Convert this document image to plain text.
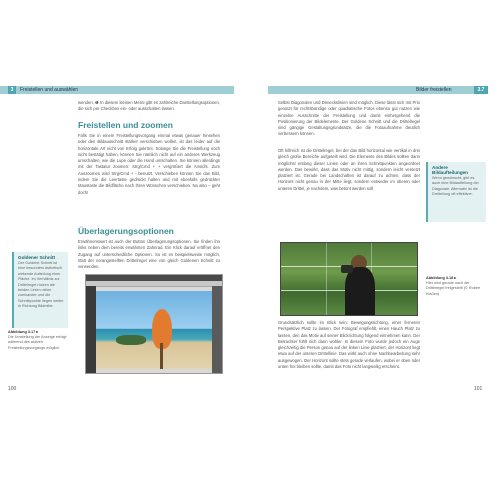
3	Freistellen und auswählen
wenden. ❶ In diesem kleinen Menü gibt es zahlreiche Darstellungsoptionen, die sich per Checkbox ein- oder ausschalten lassen.
Freistellen und zoomen
Falls Sie in einem Freistellungsvorgang einmal etwas genauer hinsehen oder den Bildausschnitt stärker verschieben wollen, ist das leider auf die horizontale Art nicht von Erfolg gekrönt. Solange Sie die Freistellung noch nicht bestätigt haben, können Sie nämlich nicht auf ein anderes Werkzeug umschalten, wie die Lupe oder die Hand umschalten. Sie können allerdings mit der Tastatur zoomen: Strg/Cmd + + vergrößert die Ansicht. Zum Auszoomen wird Strg/Cmd + - benutzt. Verschieben können Sie das Bild, indem Sie die Leertaste gedrückt halten und mit ebenfalls gedrückter Maustaste die Bildfläche nach Ihren Wünschen verschieben. Na also – geht doch!
Überlagerungsoptionen
Erwähnenswert ist auch der Button Überlagerungsoptionen. Sie finden ihn links neben dem bereits erwähnten Zahnrad. Ein Klick darauf eröffnet den Zugang auf unterschiedliche Optionen. So ist es beispielsweise möglich, statt der vorangestellten Drittelregel eine von gleich Goldenen Schnitt zu verwenden.
Goldener Schnitt
Der Goldene Schnitt ist eine besonders ästhetisch wirkende Aufteilung einer Fläche. Im Verhältnis zur Drittelregel rücken die beiden Linien näher zueinander und die Schnittpunkte liegen weiter in Richtung Bildmitte.
Abbildung 3.17 ▸
Die Umstellung der Anzeige erfolgt während des aktiven Freistellungsvorgangs möglich.
100
Bilder freistellen	3.7
Selbst Diagonalen und Dreieckslinien sind möglich. Diese lässt sich mit Prio genutzt für rechtsbündige oder quadratische Fotos ebenso gut nutzen wie einzelne Ausschnitte der Freistellung und damit einhergehend die Positionierung der Bildelemente. Der Goldene Schnitt und die Drittelregel sind gängige Gestaltungsgrundsätze, die die Fotoaufnahme deutlich verbessern können.
Oft hilfreich ist die Drittelregel, bei der das Bild horizontal wie vertikal in drei gleich große Bereiche aufgeteilt wird. Die Elemente des Bildes sollten dann möglichst entlang dieser Linien oder an ihren Schnittpunkten angeordnet werden. Das bewirkt, dass das Motiv nicht mittig, sondern leicht versetzt platziert ist. Gerade bei Landschaften ist darauf zu achten, dass der Horizont nicht genau in der Mitte liegt, sondern entweder im oberen oder unteren Drittel, je nachdem, was betont werden soll.
Andere Bildaufteilungen
Wenn gewünscht, gibt es auch eine Bildaufteilung der Diagonale. Alternativ ist die Dreiteilung oft effektiver.
Abbildung 3.18 ▸
Hier wird gerade nach der Drittelregel freigestellt (© Robert Klaßen)
Grundsätzlich sollte im Blick sein: Bewegungsrichtung, einer ferneren Perspektive Platz zu lassen. Der Fotograf empfiehlt, einen Hauch Platz zu lassen, den das Motiv auf seiner Blickrichtung folgend einnehmen kann. Der Betrachter fühlt sich dann wohler. In diesem Foto wurde jedoch ein Auge gleichzeitig die Person genau auf der linken Linie platziert, der Horizont liegt etwa auf der unteren Drittellinie. Das wirkt auch ohne Nachbearbeitung sehr ausgewogen. Der Horizont sollte stets gerade verlaufen, wobei er oben oder unten frei bleiben sollte, damit das Foto nicht langweilig erscheint.
101
